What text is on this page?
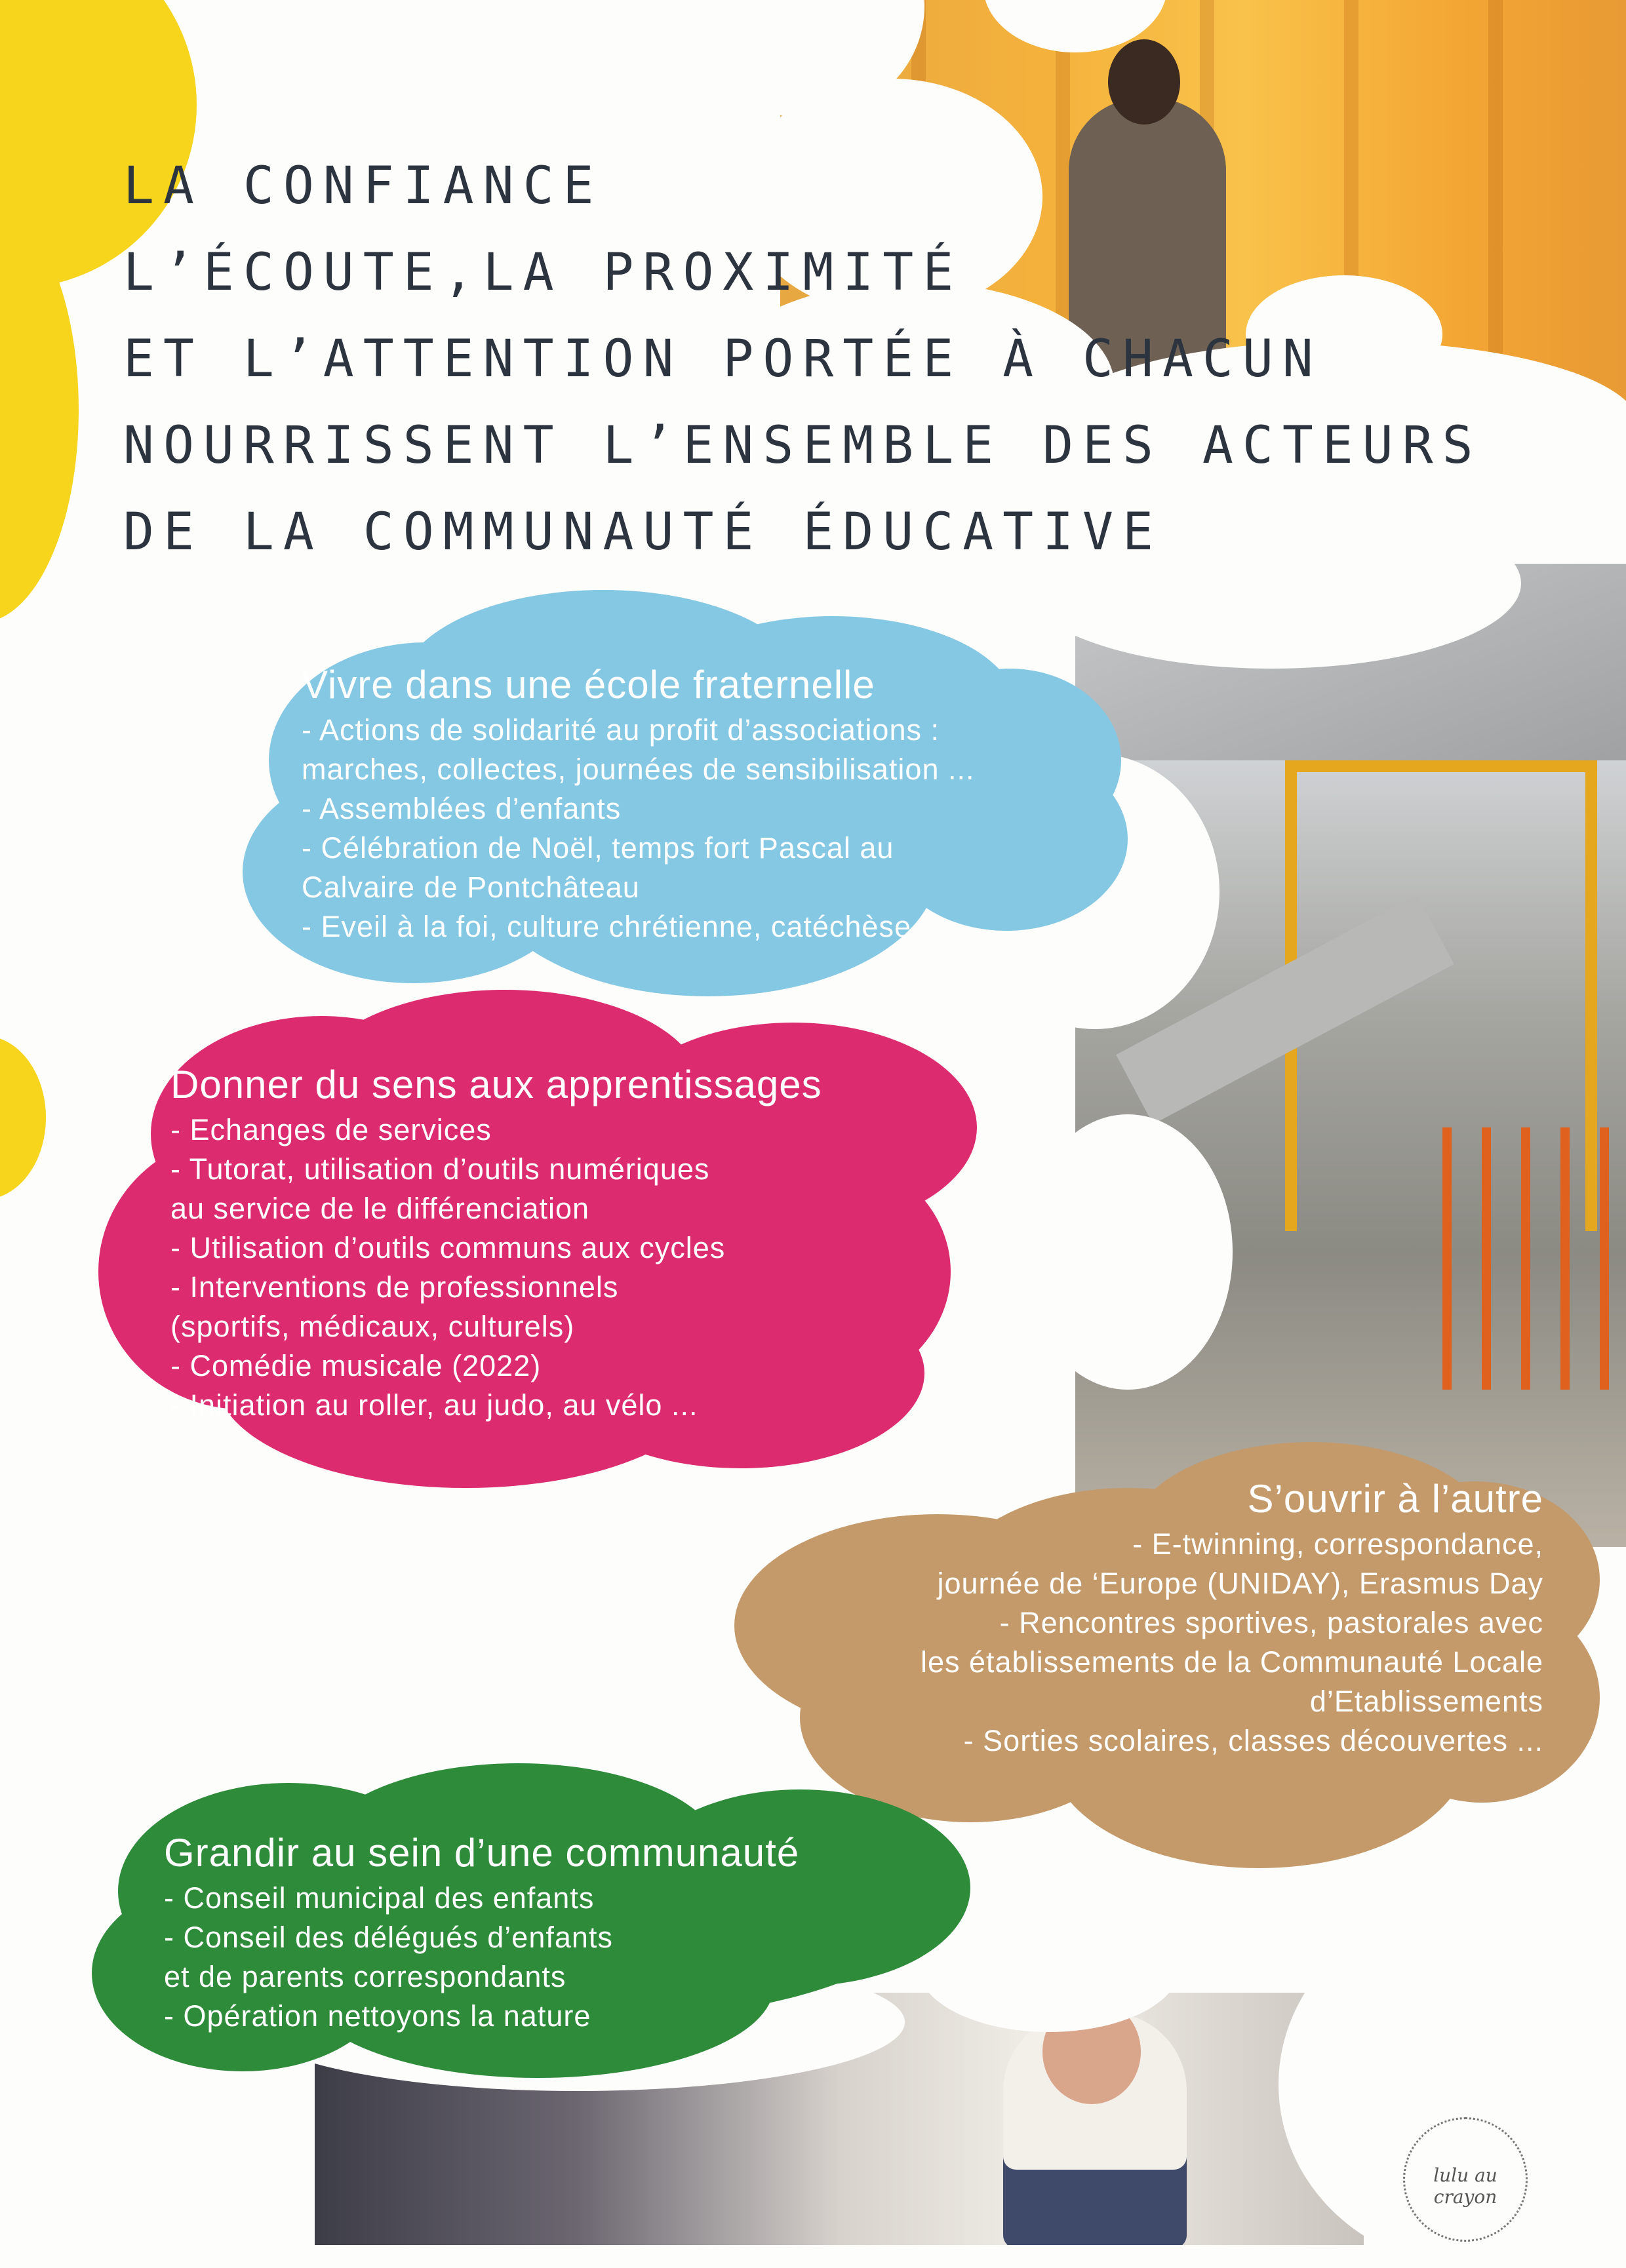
LA CONFIANCE
L’ÉCOUTE,LA PROXIMITÉ
ET L’ATTENTION PORTÉE À CHACUN
NOURRISSENT L’ENSEMBLE DES ACTEURS
DE LA COMMUNAUTÉ ÉDUCATIVE
Vivre dans une école fraternelle
- Actions de solidarité au profit d’associations :
marches, collectes, journées de sensibilisation ...
- Assemblées d’enfants
- Célébration de Noël, temps fort Pascal au
Calvaire de Pontchâteau
- Eveil à la foi, culture chrétienne, catéchèse
Donner du sens aux apprentissages
- Echanges de services
- Tutorat, utilisation d’outils numériques
au service de le différenciation
- Utilisation d’outils communs aux cycles
- Interventions de professionnels
(sportifs, médicaux, culturels)
- Comédie musicale (2022)
- Initiation au roller, au judo, au vélo ...
S’ouvrir à l’autre
- E-twinning, correspondance,
journée de ‘Europe (UNIDAY), Erasmus Day
- Rencontres sportives, pastorales avec
les établissements de la Communauté Locale
d’Etablissements
- Sorties scolaires, classes découvertes ...
Grandir au sein d’une communauté
- Conseil municipal des enfants
- Conseil des délégués d’enfants
et de parents correspondants
- Opération nettoyons la nature
lulu au crayon
